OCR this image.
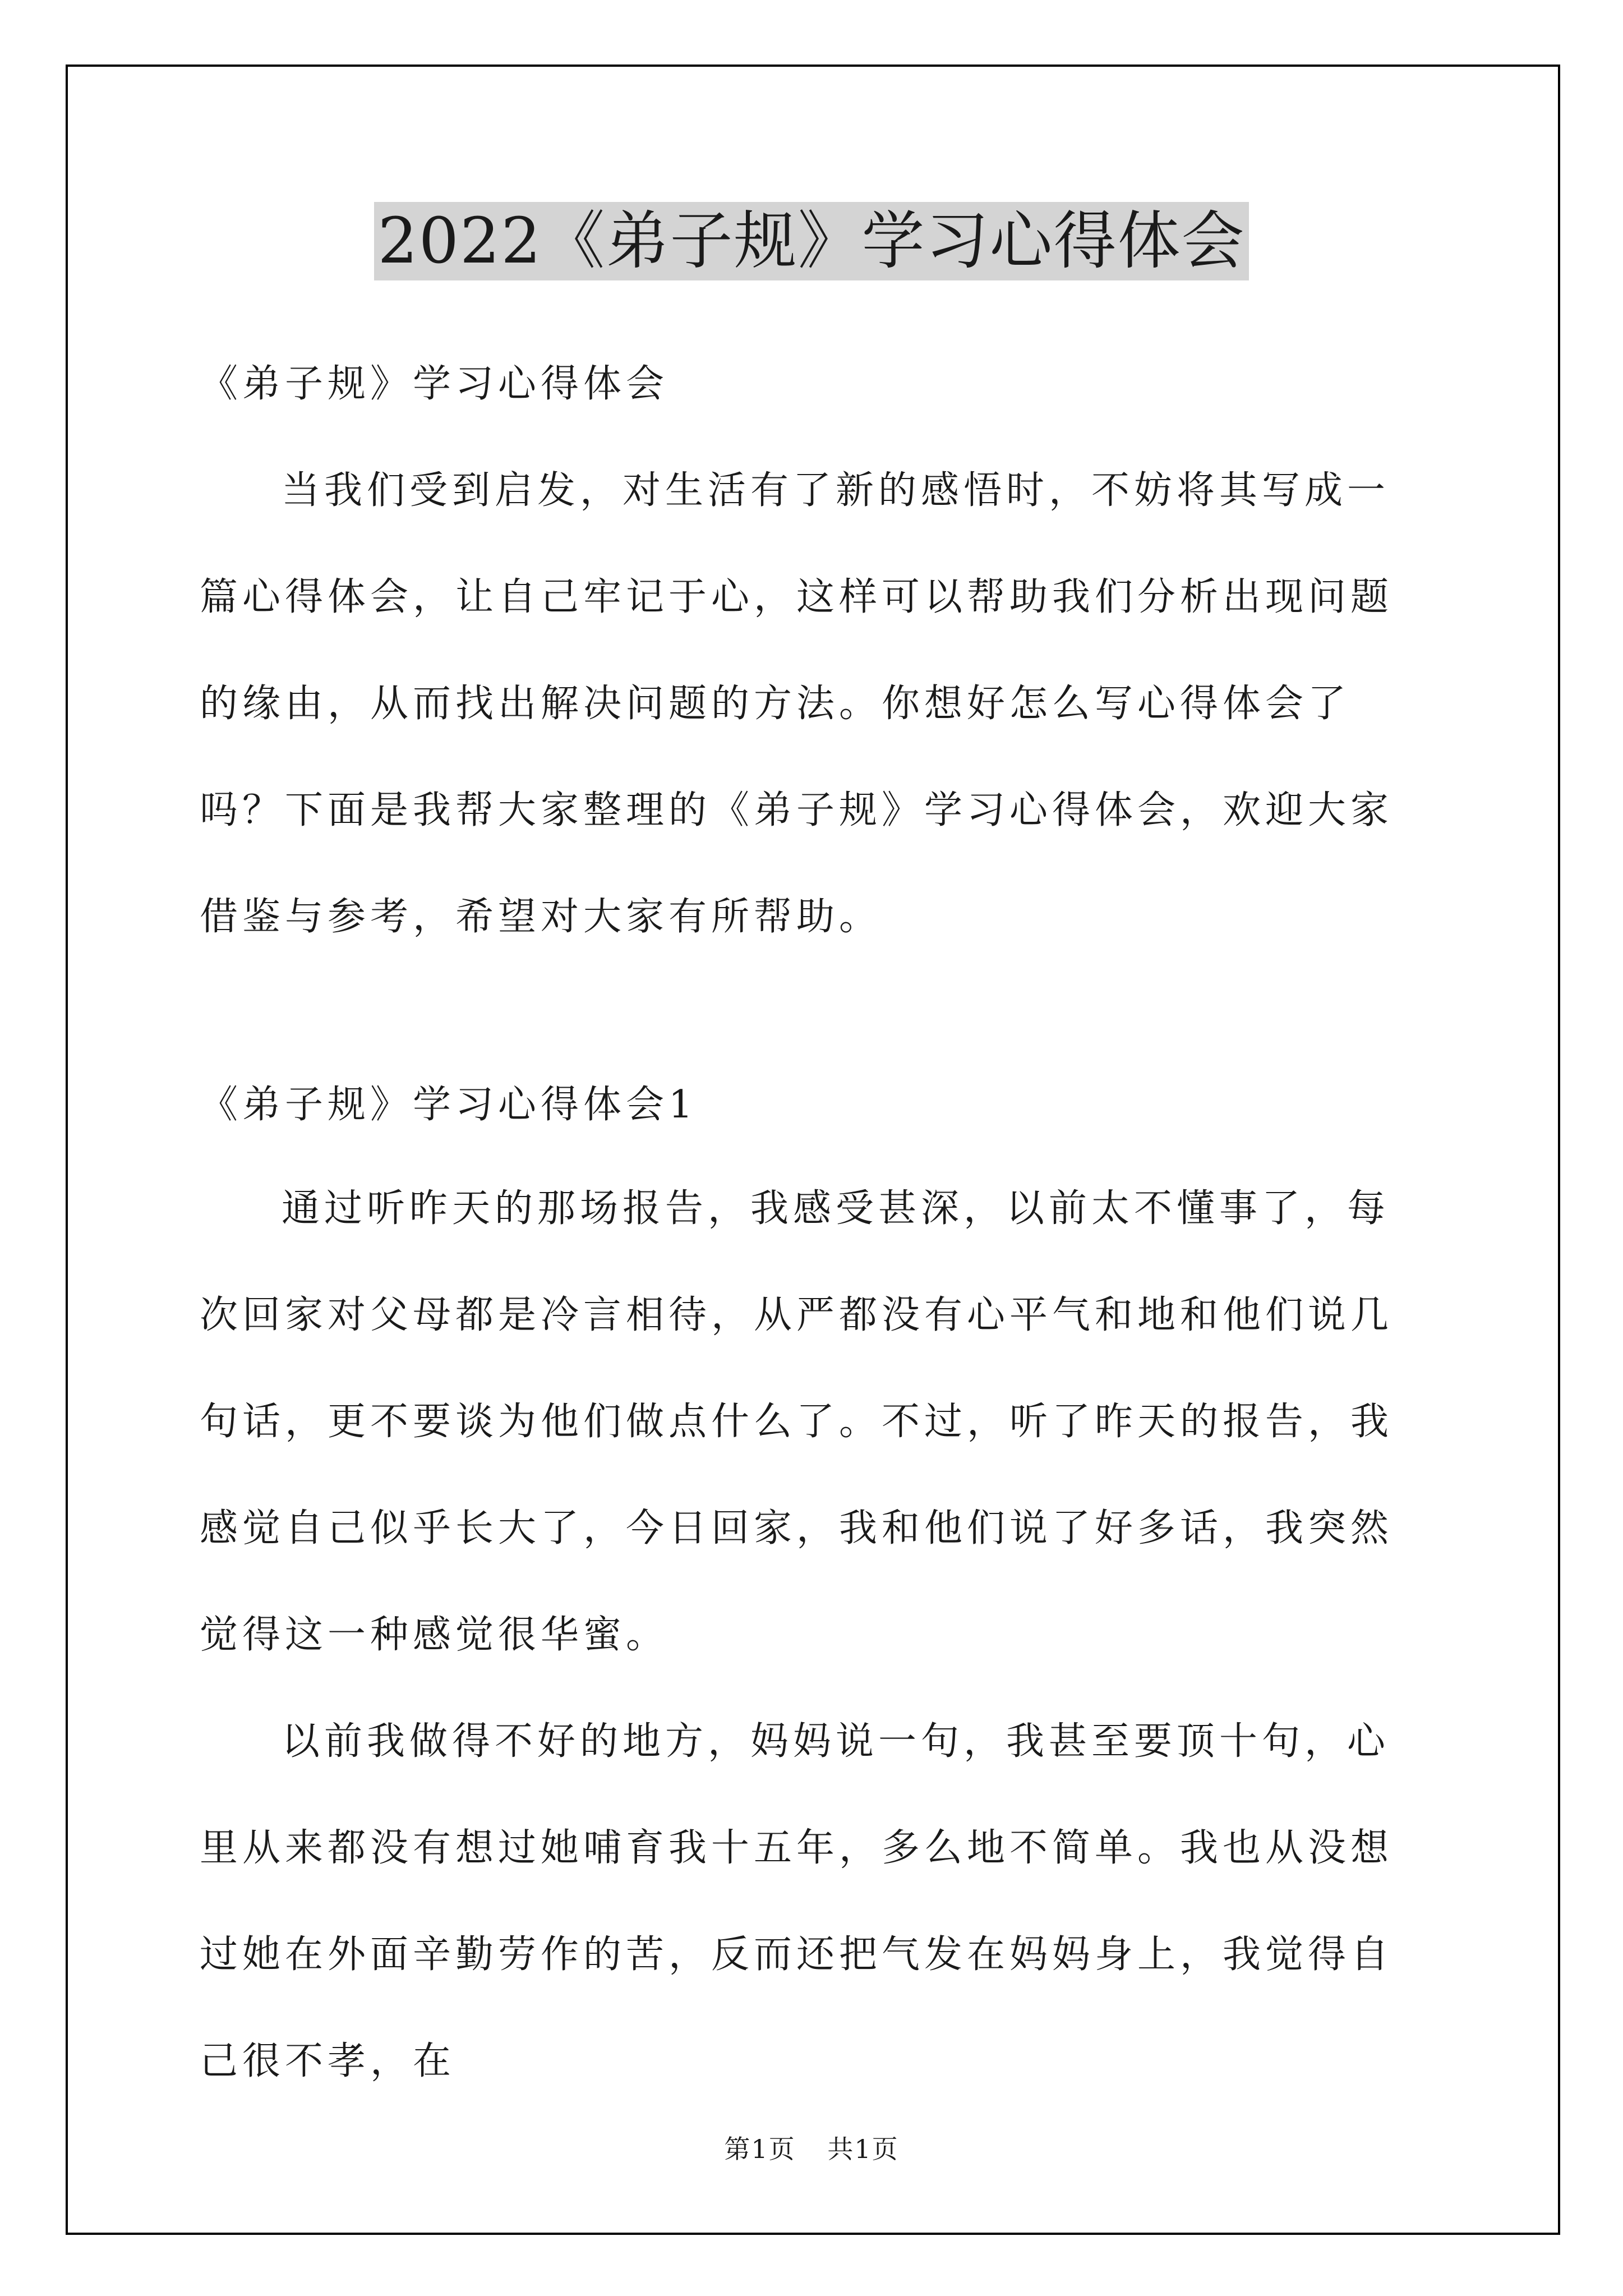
2022《弟子规》学习心得体会

《弟子规》学习心得体会

当我们受到启发，对生活有了新的感悟时，不妨将其写成一篇心得体会，让自己牢记于心，这样可以帮助我们分析出现问题的缘由，从而找出解决问题的方法。你想好怎么写心得体会了吗？下面是我帮大家整理的《弟子规》学习心得体会，欢迎大家借鉴与参考，希望对大家有所帮助。

《弟子规》学习心得体会1

通过听昨天的那场报告，我感受甚深，以前太不懂事了，每次回家对父母都是冷言相待，从严都没有心平气和地和他们说几句话，更不要谈为他们做点什么了。不过，听了昨天的报告，我感觉自己似乎长大了，今日回家，我和他们说了好多话，我突然觉得这一种感觉很华蜜。

以前我做得不好的地方，妈妈说一句，我甚至要顶十句，心里从来都没有想过她哺育我十五年，多么地不简单。我也从没想过她在外面辛勤劳作的苦，反而还把气发在妈妈身上，我觉得自己很不孝，在

第1页 共1页
